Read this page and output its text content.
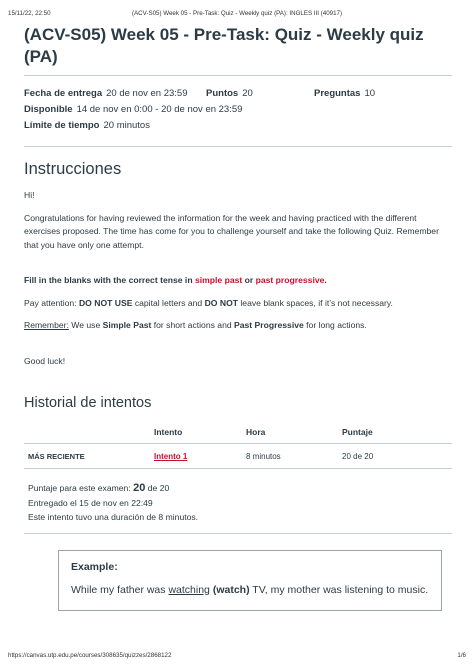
15/11/22, 22:50	(ACV-S05) Week 05 - Pre-Task: Quiz - Weekly quiz (PA): INGLES III (40917)
(ACV-S05) Week 05 - Pre-Task: Quiz - Weekly quiz (PA)
Fecha de entrega 20 de nov en 23:59	Puntos 20	Preguntas 10
Disponible 14 de nov en 0:00 - 20 de nov en 23:59
Límite de tiempo 20 minutos
Instrucciones

Hi!

Congratulations for having reviewed the information for the week and having practiced with the different exercises proposed. The time has come for you to challenge yourself and take the following Quiz. Remember that you have only one attempt.

Fill in the blanks with the correct tense in simple past or past progressive.

Pay attention: DO NOT USE capital letters and DO NOT leave blank spaces, if it’s not necessary.

Remember: We use Simple Past for short actions and Past Progressive for long actions.

Good luck!

Historial de intentos
	Intento	Hora	Puntaje
MÁS RECIENTE	Intento 1	8 minutos	20 de 20
Puntaje para este examen: 20 de 20
Entregado el 15 de nov en 22:49
Este intento tuvo una duración de 8 minutos.
Example:
While my father was watching (watch) TV, my mother was listening to music.
https://canvas.utp.edu.pe/courses/308635/quizzes/2868122	1/6
